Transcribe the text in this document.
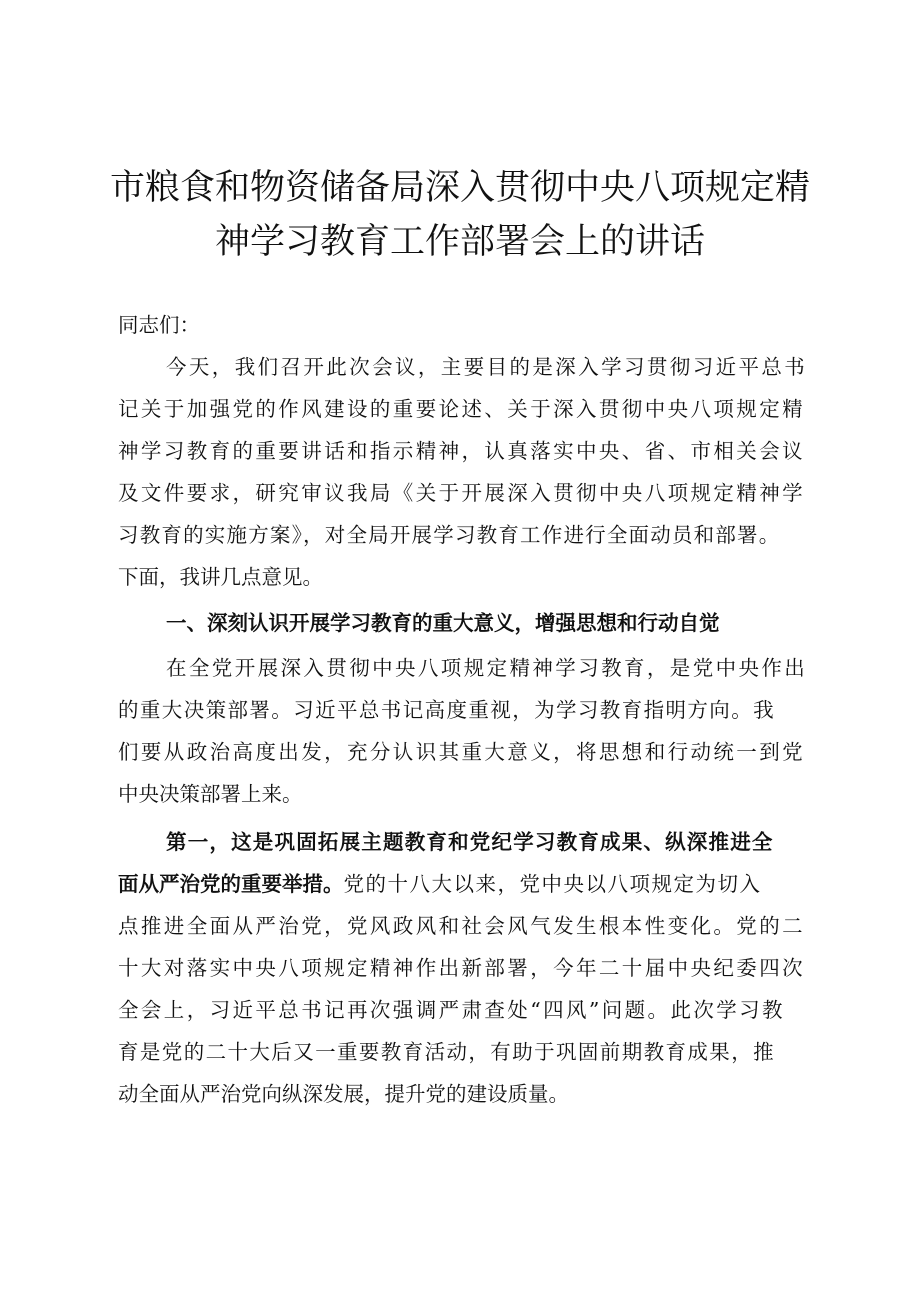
市粮食和物资储备局深入贯彻中央八项规定精
神学习教育工作部署会上的讲话
同志们：
今天，我们召开此次会议，主要目的是深入学习贯彻习近平总书
记关于加强党的作风建设的重要论述、关于深入贯彻中央八项规定精
神学习教育的重要讲话和指示精神，认真落实中央、省、市相关会议
及文件要求，研究审议我局《关于开展深入贯彻中央八项规定精神学
习教育的实施方案》，对全局开展学习教育工作进行全面动员和部署。
下面，我讲几点意见。
一、深刻认识开展学习教育的重大意义，增强思想和行动自觉
在全党开展深入贯彻中央八项规定精神学习教育，是党中央作出
的重大决策部署。习近平总书记高度重视，为学习教育指明方向。我
们要从政治高度出发，充分认识其重大意义，将思想和行动统一到党
中央决策部署上来。
第一，这是巩固拓展主题教育和党纪学习教育成果、纵深推进全
面从严治党的重要举措。党的十八大以来，党中央以八项规定为切入
点推进全面从严治党，党风政风和社会风气发生根本性变化。党的二
十大对落实中央八项规定精神作出新部署，今年二十届中央纪委四次
全会上，习近平总书记再次强调严肃查处“四风”问题。此次学习教
育是党的二十大后又一重要教育活动，有助于巩固前期教育成果，推
动全面从严治党向纵深发展，提升党的建设质量。
